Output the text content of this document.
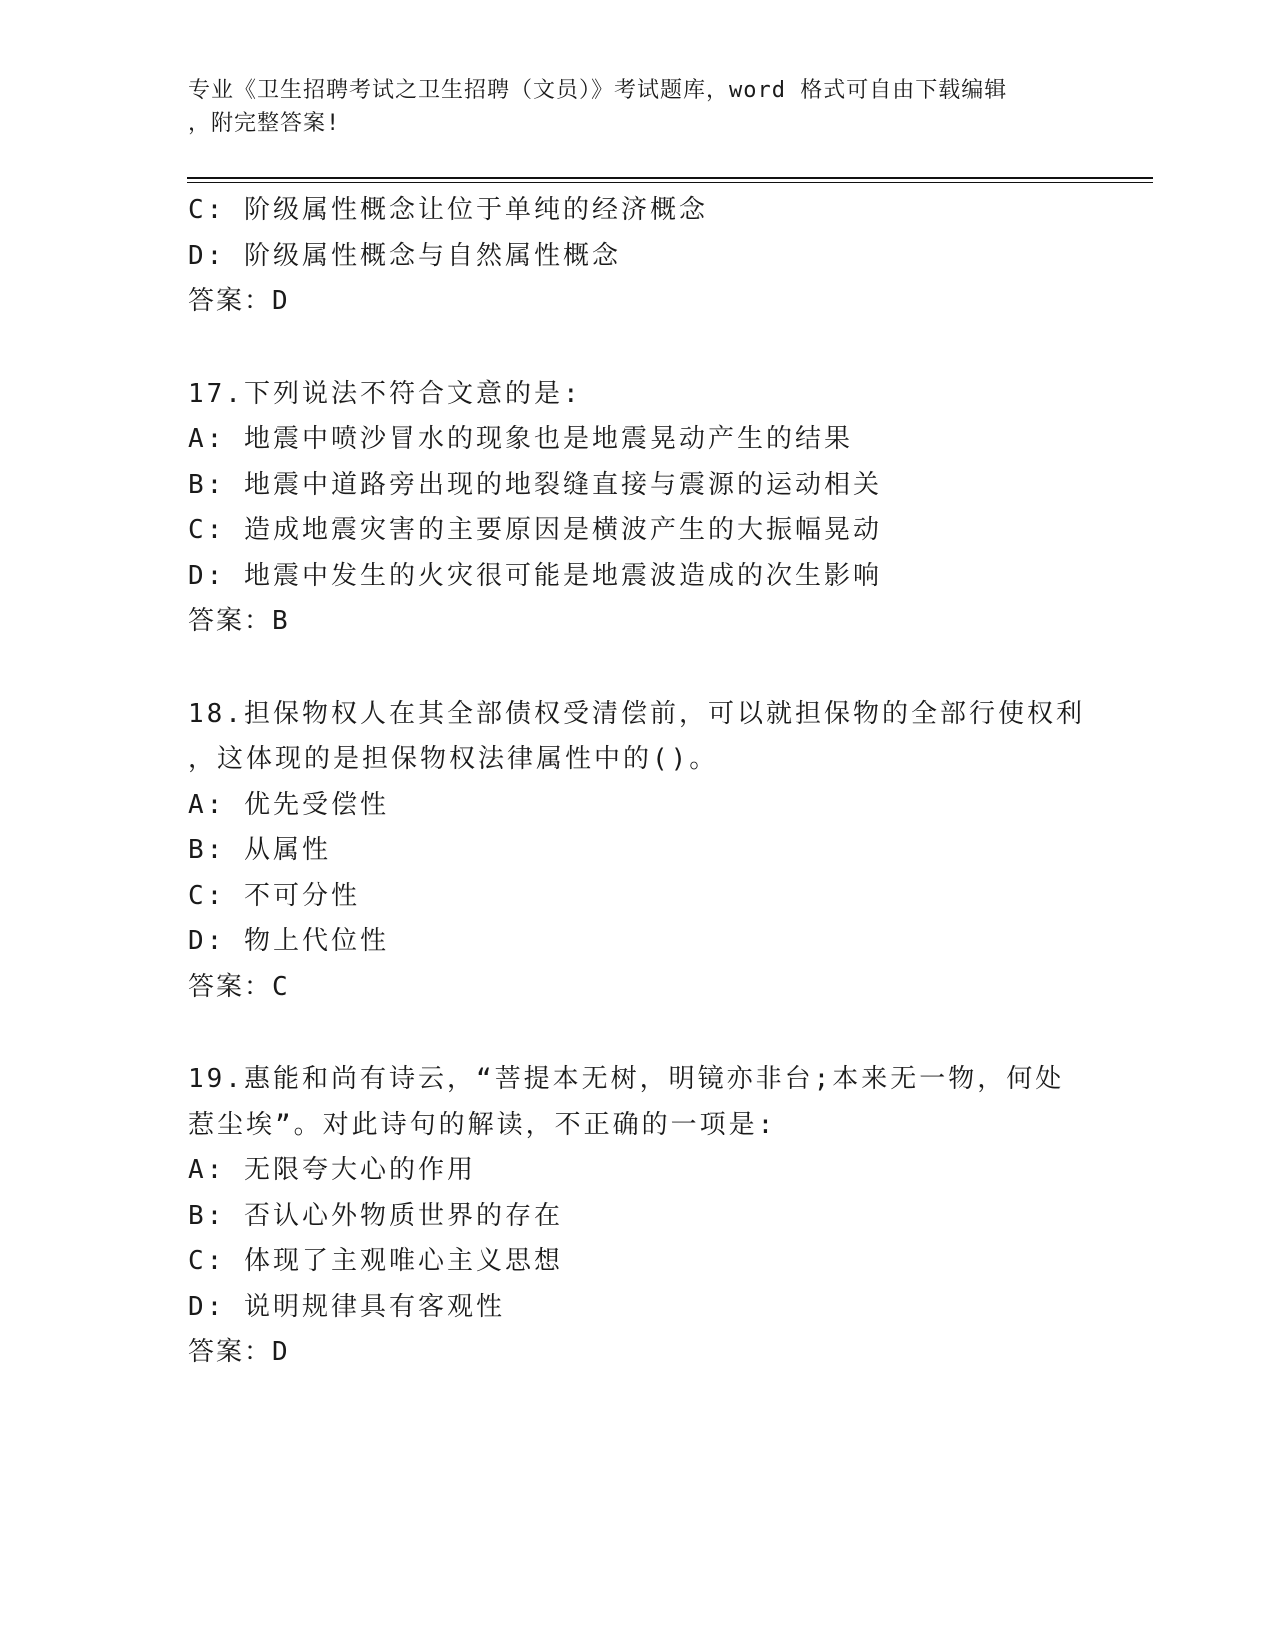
专业《卫生招聘考试之卫生招聘（文员）》考试题库，word 格式可自由下载编辑
，附完整答案!
C: 阶级属性概念让位于单纯的经济概念
D: 阶级属性概念与自然属性概念
答案：D
17.下列说法不符合文意的是:
A: 地震中喷沙冒水的现象也是地震晃动产生的结果
B: 地震中道路旁出现的地裂缝直接与震源的运动相关
C: 造成地震灾害的主要原因是横波产生的大振幅晃动
D: 地震中发生的火灾很可能是地震波造成的次生影响
答案：B
18.担保物权人在其全部债权受清偿前，可以就担保物的全部行使权利
，这体现的是担保物权法律属性中的()。
A: 优先受偿性
B: 从属性
C: 不可分性
D: 物上代位性
答案：C
19.惠能和尚有诗云，“菩提本无树，明镜亦非台;本来无一物，何处
惹尘埃”。对此诗句的解读，不正确的一项是:
A: 无限夸大心的作用
B: 否认心外物质世界的存在
C: 体现了主观唯心主义思想
D: 说明规律具有客观性
答案：D
